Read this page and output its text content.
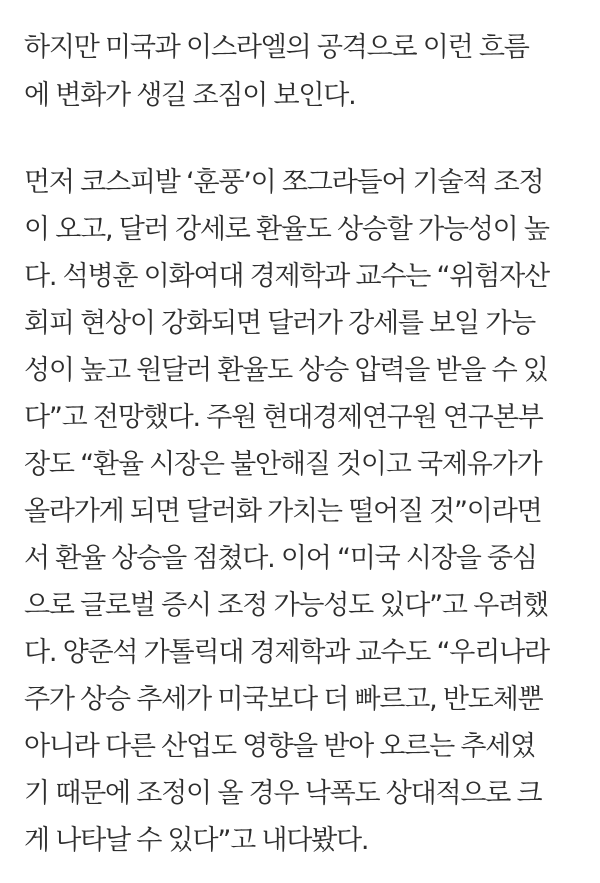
하지만 미국과 이스라엘의 공격으로 이런 흐름
에 변화가 생길 조짐이 보인다.
먼저 코스피발 ‘훈풍’이 쪼그라들어 기술적 조정
이 오고, 달러 강세로 환율도 상승할 가능성이 높
다. 석병훈 이화여대 경제학과 교수는 “위험자산
회피 현상이 강화되면 달러가 강세를 보일 가능
성이 높고 원달러 환율도 상승 압력을 받을 수 있
다”고 전망했다. 주원 현대경제연구원 연구본부
장도 “환율 시장은 불안해질 것이고 국제유가가
올라가게 되면 달러화 가치는 떨어질 것”이라면
서 환율 상승을 점쳤다. 이어 “미국 시장을 중심
으로 글로벌 증시 조정 가능성도 있다”고 우려했
다. 양준석 가톨릭대 경제학과 교수도 “우리나라
주가 상승 추세가 미국보다 더 빠르고, 반도체뿐
아니라 다른 산업도 영향을 받아 오르는 추세였
기 때문에 조정이 올 경우 낙폭도 상대적으로 크
게 나타날 수 있다”고 내다봤다.
